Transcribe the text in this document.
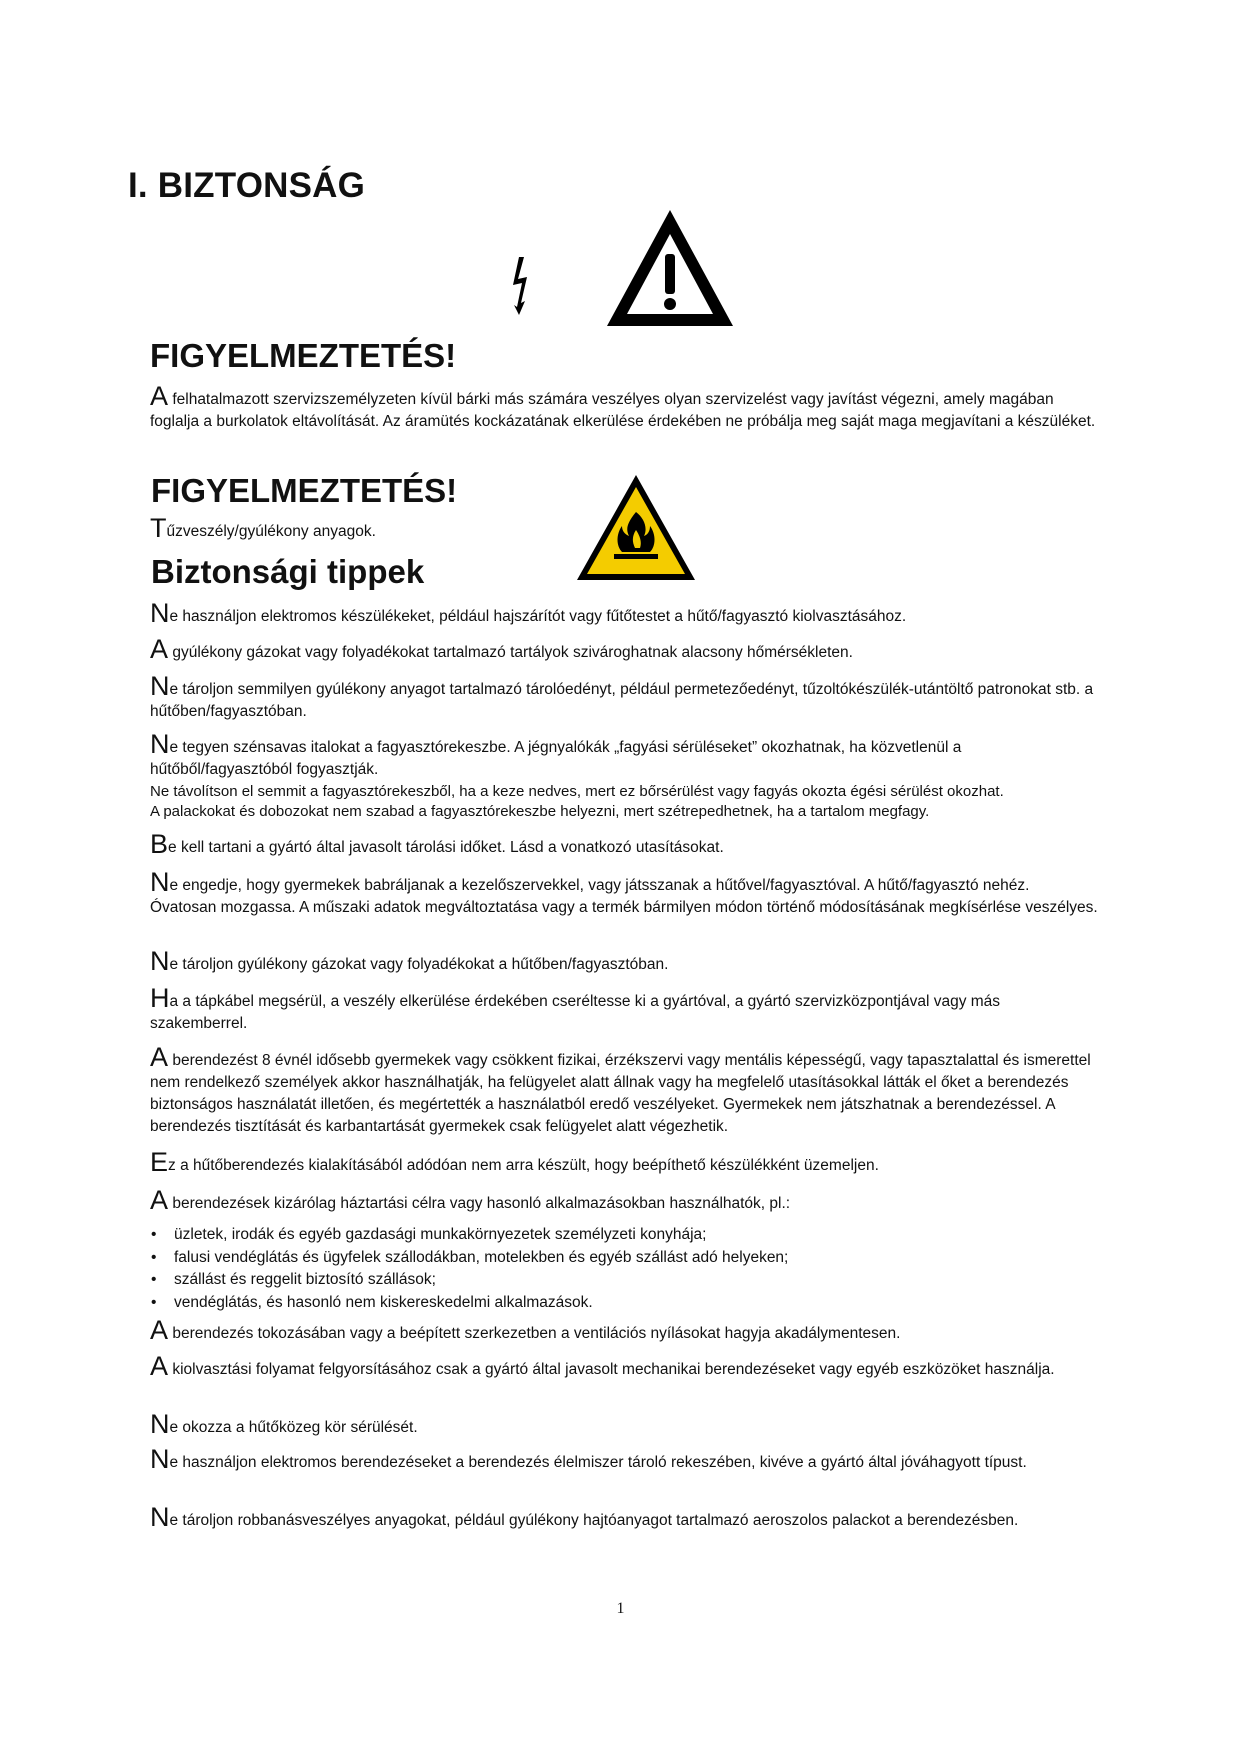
I. BIZTONSÁG
FIGYELMEZTETÉS!

A felhatalmazott szervizszemélyzeten kívül bárki más számára veszélyes olyan szervizelést vagy javítást végezni, amely magában foglalja a burkolatok eltávolítását. Az áramütés kockázatának elkerülése érdekében ne próbálja meg saját maga megjavítani a készüléket.

FIGYELMEZTETÉS!

Tűzveszély/gyúlékony anyagok.

Biztonsági tippek

Ne használjon elektromos készülékeket, például hajszárítót vagy fűtőtestet a hűtő/fagyasztó kiolvasztásához.

A gyúlékony gázokat vagy folyadékokat tartalmazó tartályok szivároghatnak alacsony hőmérsékleten.

Ne tároljon semmilyen gyúlékony anyagot tartalmazó tárolóedényt, például permetezőedényt, tűzoltókészülék-utántöltő patronokat stb. a hűtőben/fagyasztóban.

Ne tegyen szénsavas italokat a fagyasztórekeszbe. A jégnyalókák „fagyási sérüléseket” okozhatnak, ha közvetlenül a hűtőből/fagyasztóból fogyasztják.

Ne távolítson el semmit a fagyasztórekeszből, ha a keze nedves, mert ez bőrsérülést vagy fagyás okozta égési sérülést okozhat.

A palackokat és dobozokat nem szabad a fagyasztórekeszbe helyezni, mert szétrepedhetnek, ha a tartalom megfagy.

Be kell tartani a gyártó által javasolt tárolási időket. Lásd a vonatkozó utasításokat.

Ne engedje, hogy gyermekek babráljanak a kezelőszervekkel, vagy játsszanak a hűtővel/fagyasztóval. A hűtő/fagyasztó nehéz. Óvatosan mozgassa. A műszaki adatok megváltoztatása vagy a termék bármilyen módon történő módosításának megkísérlése veszélyes.

Ne tároljon gyúlékony gázokat vagy folyadékokat a hűtőben/fagyasztóban.

Ha a tápkábel megsérül, a veszély elkerülése érdekében cseréltesse ki a gyártóval, a gyártó szervizközpontjával vagy más szakemberrel.

A berendezést 8 évnél idősebb gyermekek vagy csökkent fizikai, érzékszervi vagy mentális képességű, vagy tapasztalattal és ismerettel nem rendelkező személyek akkor használhatják, ha felügyelet alatt állnak vagy ha megfelelő utasításokkal látták el őket a berendezés biztonságos használatát illetően, és megértették a használatból eredő veszélyeket. Gyermekek nem játszhatnak a berendezéssel. A berendezés tisztítását és karbantartását gyermekek csak felügyelet alatt végezhetik.

Ez a hűtőberendezés kialakításából adódóan nem arra készült, hogy beépíthető készülékként üzemeljen.

A berendezések kizárólag háztartási célra vagy hasonló alkalmazásokban használhatók, pl.:

• üzletek, irodák és egyéb gazdasági munkakörnyezetek személyzeti konyhája;
• falusi vendéglátás és ügyfelek szállodákban, motelekben és egyéb szállást adó helyeken;
• szállást és reggelit biztosító szállások;
• vendéglátás, és hasonló nem kiskereskedelmi alkalmazások.

A berendezés tokozásában vagy a beépített szerkezetben a ventilációs nyílásokat hagyja akadálymentesen.

A kiolvasztási folyamat felgyorsításához csak a gyártó által javasolt mechanikai berendezéseket vagy egyéb eszközöket használja.

Ne okozza a hűtőközeg kör sérülését.

Ne használjon elektromos berendezéseket a berendezés élelmiszer tároló rekeszében, kivéve a gyártó által jóváhagyott típust.

Ne tároljon robbanásveszélyes anyagokat, például gyúlékony hajtóanyagot tartalmazó aeroszolos palackot a berendezésben.

1
